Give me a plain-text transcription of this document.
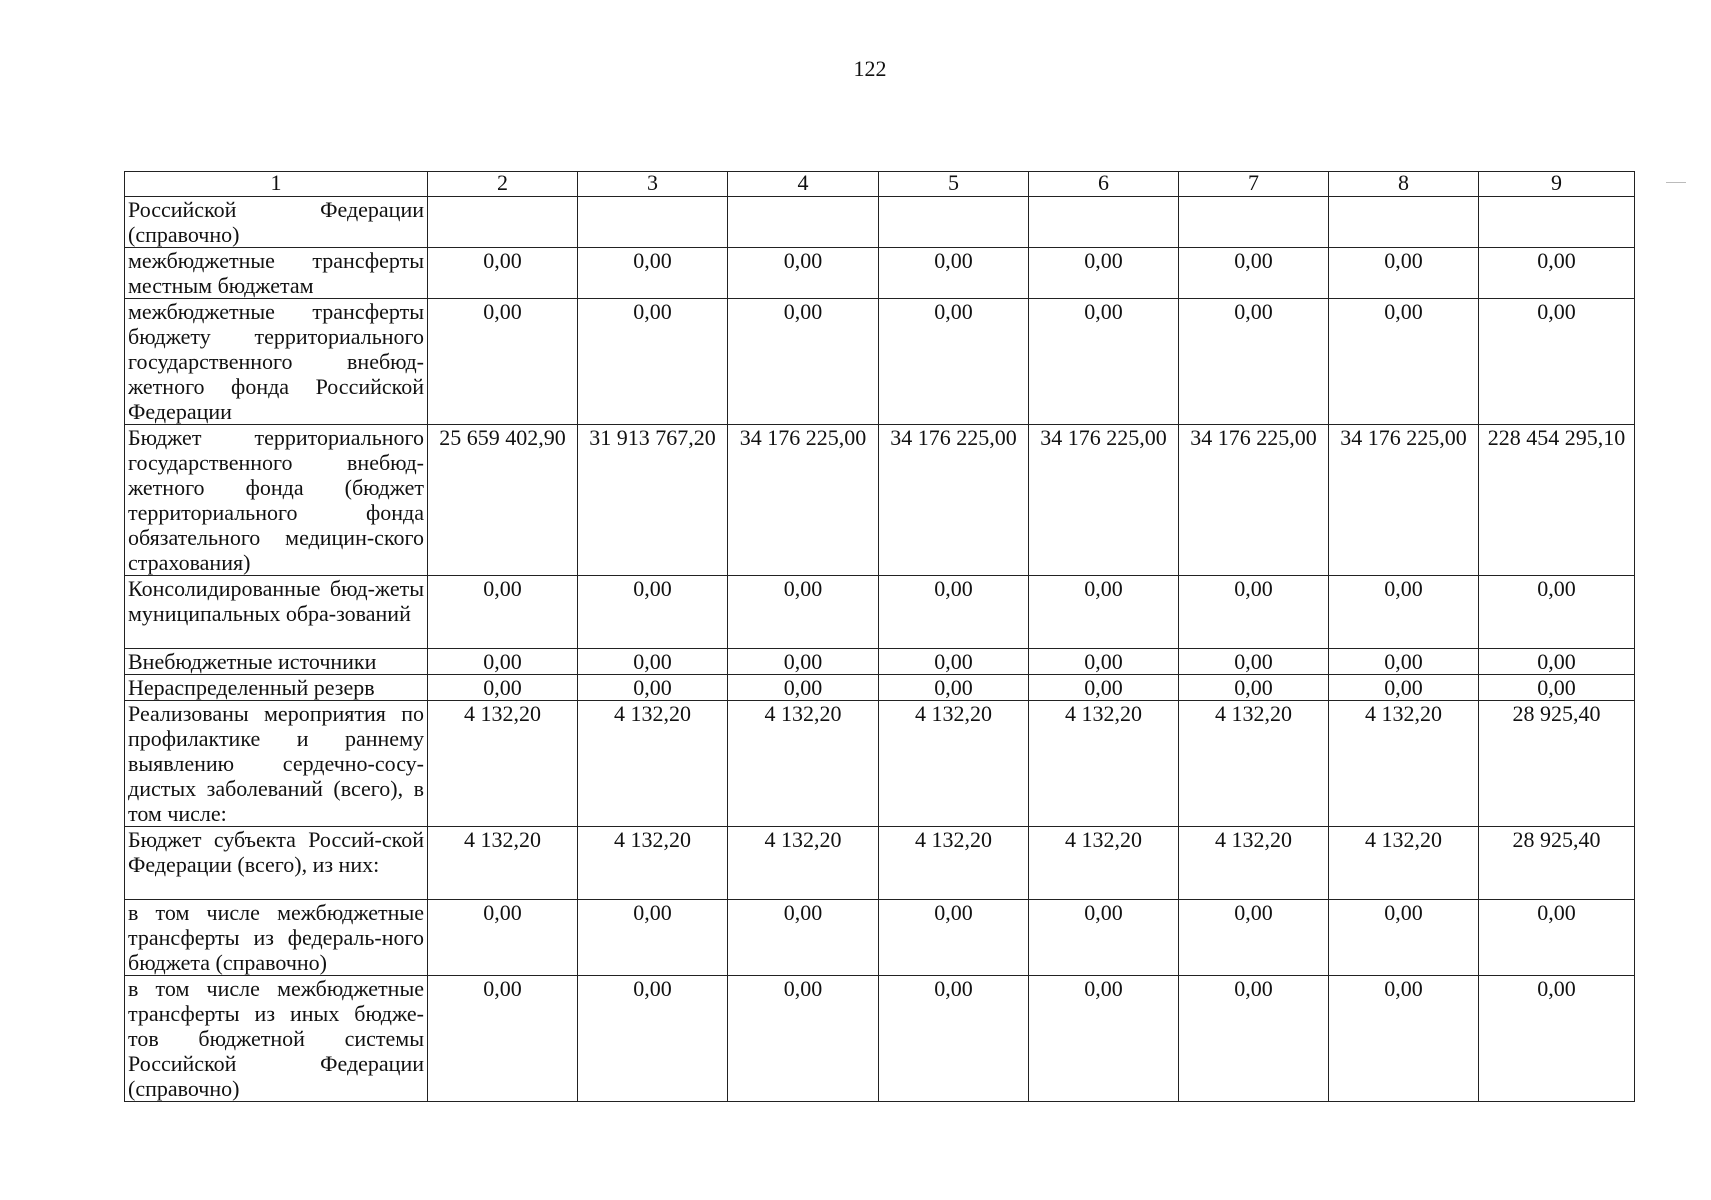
122
1	2	3	4	5	6	7	8	9
Российской Федерации (справочно)								
межбюджетные трансферты местным бюджетам	0,00	0,00	0,00	0,00	0,00	0,00	0,00	0,00
межбюджетные трансферты бюджету территориального государственного внебюд-жетного фонда Российской Федерации	0,00	0,00	0,00	0,00	0,00	0,00	0,00	0,00
Бюджет территориального государственного внебюд-жетного фонда (бюджет территориального фонда обязательного медицин-ского страхования)	25 659 402,90	31 913 767,20	34 176 225,00	34 176 225,00	34 176 225,00	34 176 225,00	34 176 225,00	228 454 295,10
Консолидированные бюд-жеты муниципальных обра-зований	0,00	0,00	0,00	0,00	0,00	0,00	0,00	0,00
Внебюджетные источники	0,00	0,00	0,00	0,00	0,00	0,00	0,00	0,00
Нераспределенный резерв	0,00	0,00	0,00	0,00	0,00	0,00	0,00	0,00
Реализованы мероприятия по профилактике и раннему выявлению сердечно-сосу-дистых заболеваний (всего), в том числе:	4 132,20	4 132,20	4 132,20	4 132,20	4 132,20	4 132,20	4 132,20	28 925,40
Бюджет субъекта Россий-ской Федерации (всего), из них:	4 132,20	4 132,20	4 132,20	4 132,20	4 132,20	4 132,20	4 132,20	28 925,40
в том числе межбюджетные трансферты из федераль-ного бюджета (справочно)	0,00	0,00	0,00	0,00	0,00	0,00	0,00	0,00
в том числе межбюджетные трансферты из иных бюдже-тов бюджетной системы Российской Федерации (справочно)	0,00	0,00	0,00	0,00	0,00	0,00	0,00	0,00
